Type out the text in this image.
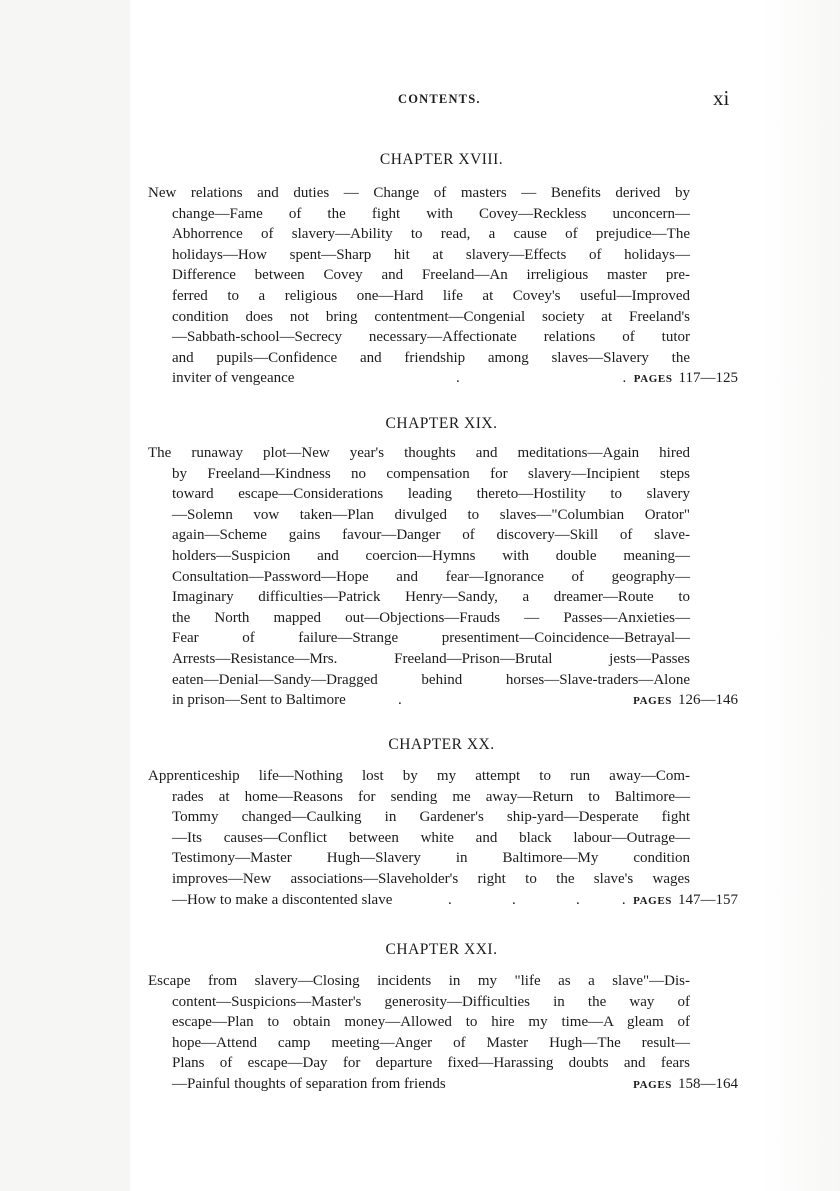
CONTENTS.	xi
CHAPTER XVIII.
New relations and duties — Change of masters — Benefits derived by
change—Fame of the fight with Covey—Reckless unconcern—
Abhorrence of slavery—Ability to read, a cause of prejudice—The
holidays—How spent—Sharp hit at slavery—Effects of holidays—
Difference between Covey and Freeland—An irreligious master pre-
ferred to a religious one—Hard life at Covey's useful—Improved
condition does not bring contentment—Congenial society at Freeland's
—Sabbath-school—Secrecy necessary—Affectionate relations of tutor
and pupils—Confidence and friendship among slaves—Slavery the
inviter of vengeance	.	.  PAGES 117—125
CHAPTER XIX.
The runaway plot—New year's thoughts and meditations—Again hired
by Freeland—Kindness no compensation for slavery—Incipient steps
toward escape—Considerations leading thereto—Hostility to slavery
—Solemn vow taken—Plan divulged to slaves—"Columbian Orator"
again—Scheme gains favour—Danger of discovery—Skill of slave-
holders—Suspicion and coercion—Hymns with double meaning—
Consultation—Password—Hope and fear—Ignorance of geography—
Imaginary difficulties—Patrick Henry—Sandy, a dreamer—Route to
the North mapped out—Objections—Frauds — Passes—Anxieties—
Fear of failure—Strange presentiment—Coincidence—Betrayal—
Arrests—Resistance—Mrs. Freeland—Prison—Brutal jests—Passes
eaten—Denial—Sandy—Dragged behind horses—Slave-traders—Alone
in prison—Sent to Baltimore	.	PAGES 126—146
CHAPTER XX.
Apprenticeship life—Nothing lost by my attempt to run away—Com-
rades at home—Reasons for sending me away—Return to Baltimore—
Tommy changed—Caulking in Gardener's ship-yard—Desperate fight
—Its causes—Conflict between white and black labour—Outrage—
Testimony—Master Hugh—Slavery in Baltimore—My condition
improves—New associations—Slaveholder's right to the slave's wages
—How to make a discontented slave	.	.	.	.  PAGES 147—157
CHAPTER XXI.
Escape from slavery—Closing incidents in my "life as a slave"—Dis-
content—Suspicions—Master's generosity—Difficulties in the way of
escape—Plan to obtain money—Allowed to hire my time—A gleam of
hope—Attend camp meeting—Anger of Master Hugh—The result—
Plans of escape—Day for departure fixed—Harassing doubts and fears
—Painful thoughts of separation from friends	PAGES 158—164
